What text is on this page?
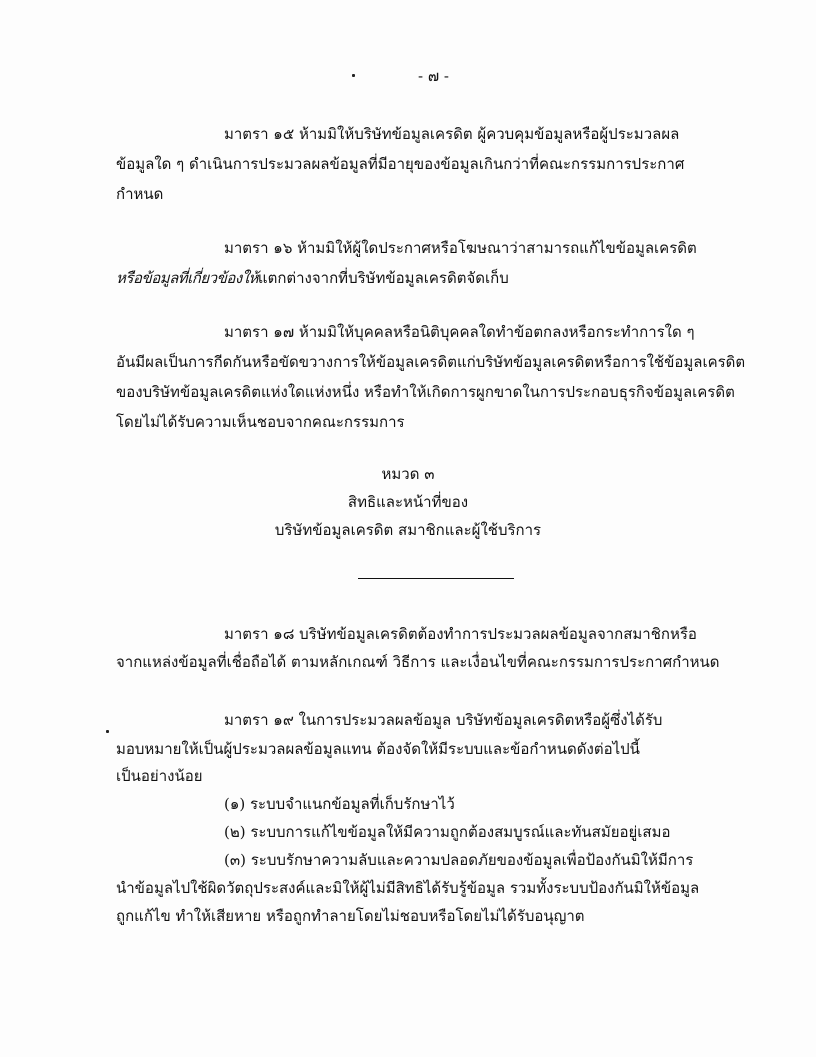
- ๗ -
มาตรา ๑๕ ห้ามมิให้บริษัทข้อมูลเครดิต ผู้ควบคุมข้อมูลหรือผู้ประมวลผล
ข้อมูลใด ๆ ดำเนินการประมวลผลข้อมูลที่มีอายุของข้อมูลเกินกว่าที่คณะกรรมการประกาศ
กำหนด
มาตรา ๑๖ ห้ามมิให้ผู้ใดประกาศหรือโฆษณาว่าสามารถแก้ไขข้อมูลเครดิต
หรือข้อมูลที่เกี่ยวข้องให้แตกต่างจากที่บริษัทข้อมูลเครดิตจัดเก็บ
มาตรา ๑๗ ห้ามมิให้บุคคลหรือนิติบุคคลใดทำข้อตกลงหรือกระทำการใด ๆ
อันมีผลเป็นการกีดกันหรือขัดขวางการให้ข้อมูลเครดิตแก่บริษัทข้อมูลเครดิตหรือการใช้ข้อมูลเครดิต
ของบริษัทข้อมูลเครดิตแห่งใดแห่งหนึ่ง หรือทำให้เกิดการผูกขาดในการประกอบธุรกิจข้อมูลเครดิต
โดยไม่ได้รับความเห็นชอบจากคณะกรรมการ
หมวด ๓
สิทธิและหน้าที่ของ
บริษัทข้อมูลเครดิต สมาชิกและผู้ใช้บริการ
มาตรา ๑๘ บริษัทข้อมูลเครดิตต้องทำการประมวลผลข้อมูลจากสมาชิกหรือ
จากแหล่งข้อมูลที่เชื่อถือได้ ตามหลักเกณฑ์ วิธีการ และเงื่อนไขที่คณะกรรมการประกาศกำหนด
มาตรา ๑๙ ในการประมวลผลข้อมูล บริษัทข้อมูลเครดิตหรือผู้ซึ่งได้รับ
มอบหมายให้เป็นผู้ประมวลผลข้อมูลแทน ต้องจัดให้มีระบบและข้อกำหนดดังต่อไปนี้
เป็นอย่างน้อย
(๑) ระบบจำแนกข้อมูลที่เก็บรักษาไว้
(๒) ระบบการแก้ไขข้อมูลให้มีความถูกต้องสมบูรณ์และทันสมัยอยู่เสมอ
(๓) ระบบรักษาความลับและความปลอดภัยของข้อมูลเพื่อป้องกันมิให้มีการ
นำข้อมูลไปใช้ผิดวัตถุประสงค์และมิให้ผู้ไม่มีสิทธิได้รับรู้ข้อมูล รวมทั้งระบบป้องกันมิให้ข้อมูล
ถูกแก้ไข ทำให้เสียหาย หรือถูกทำลายโดยไม่ชอบหรือโดยไม่ได้รับอนุญาต
